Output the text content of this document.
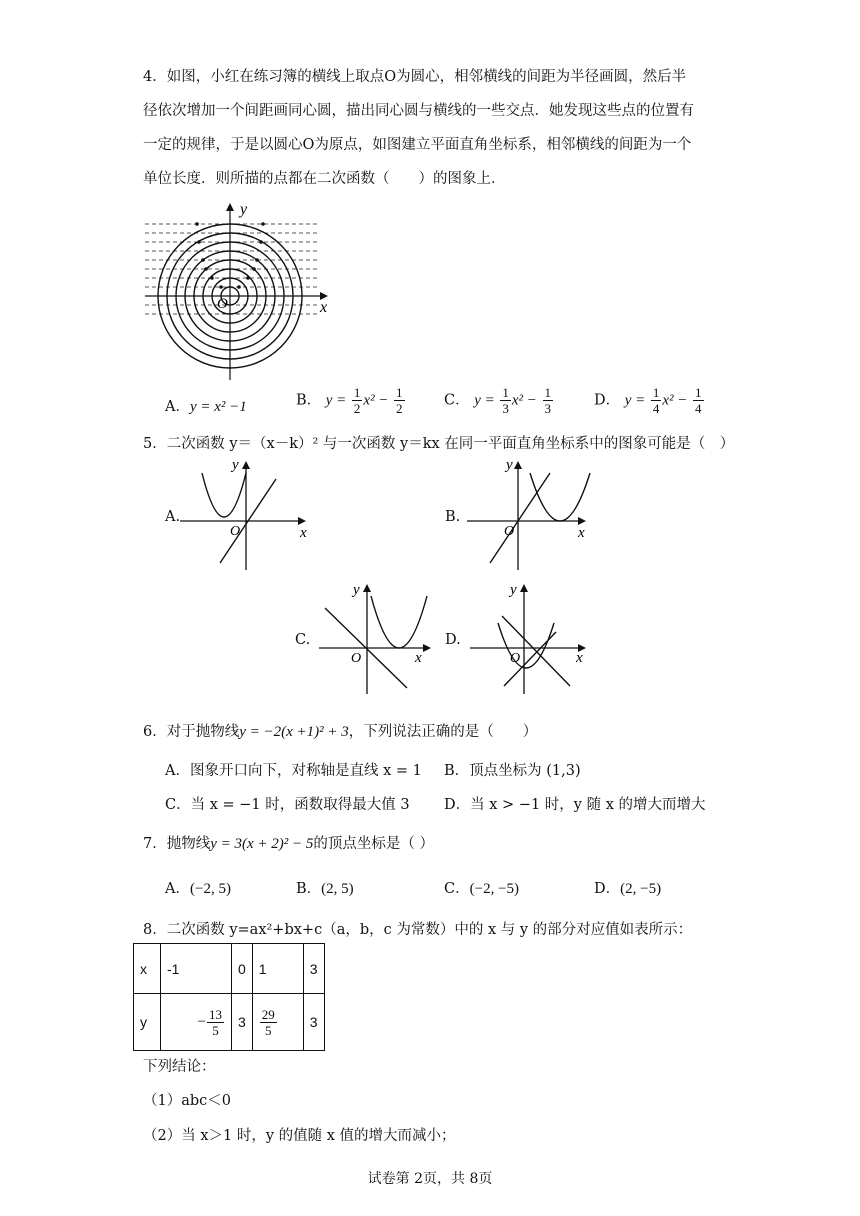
4．如图，小红在练习簿的横线上取点O为圆心，相邻横线的间距为半径画圆，然后半
径依次增加一个间距画同心圆，描出同心圆与横线的一些交点．她发现这些点的位置有
一定的规律，于是以圆心O为原点，如图建立平面直角坐标系，相邻横线的间距为一个
单位长度．则所描的点都在二次函数（　　）的图象上．
y
x
O
A．y = x² −1	B． $y = \frac{1}{2} x^2 - \frac{1}{2}$	C． $y = \frac{1}{3} x^2 - \frac{1}{3}$	D． $y = \frac{1}{4} x^2 - \frac{1}{4}$
5．二次函数 y＝（x－k）² 与一次函数 y＝kx 在同一平面直角坐标系中的图象可能是（　）
A.
y
x
O
B.
y
x
O
C.
y
x
O
D.
y
x
O
6．对于抛物线y = −2(x +1)² + 3，下列说法正确的是（　　）
A．图象开口向下，对称轴是直线 x = 1 B．顶点坐标为 (1,3)
C．当 x = −1 时，函数取得最大值 3 D．当 x > −1 时，y 随 x 的增大而增大
7．抛物线y = 3(x + 2)² − 5的顶点坐标是（ ）
A．(−2, 5)	B．(2, 5)	C．(−2, −5)	D．(2, −5)
8．二次函数 y=ax²+bx+c（a，b，c 为常数）中的 x 与 y 的部分对应值如表所示：
x	-1	0	1	3
y	− $\frac{13}{5}$	3	$\frac{29}{5}$	3
下列结论：
（1）abc＜0
（2）当 x＞1 时，y 的值随 x 值的增大而减小；
试卷第 2页，共 8页
